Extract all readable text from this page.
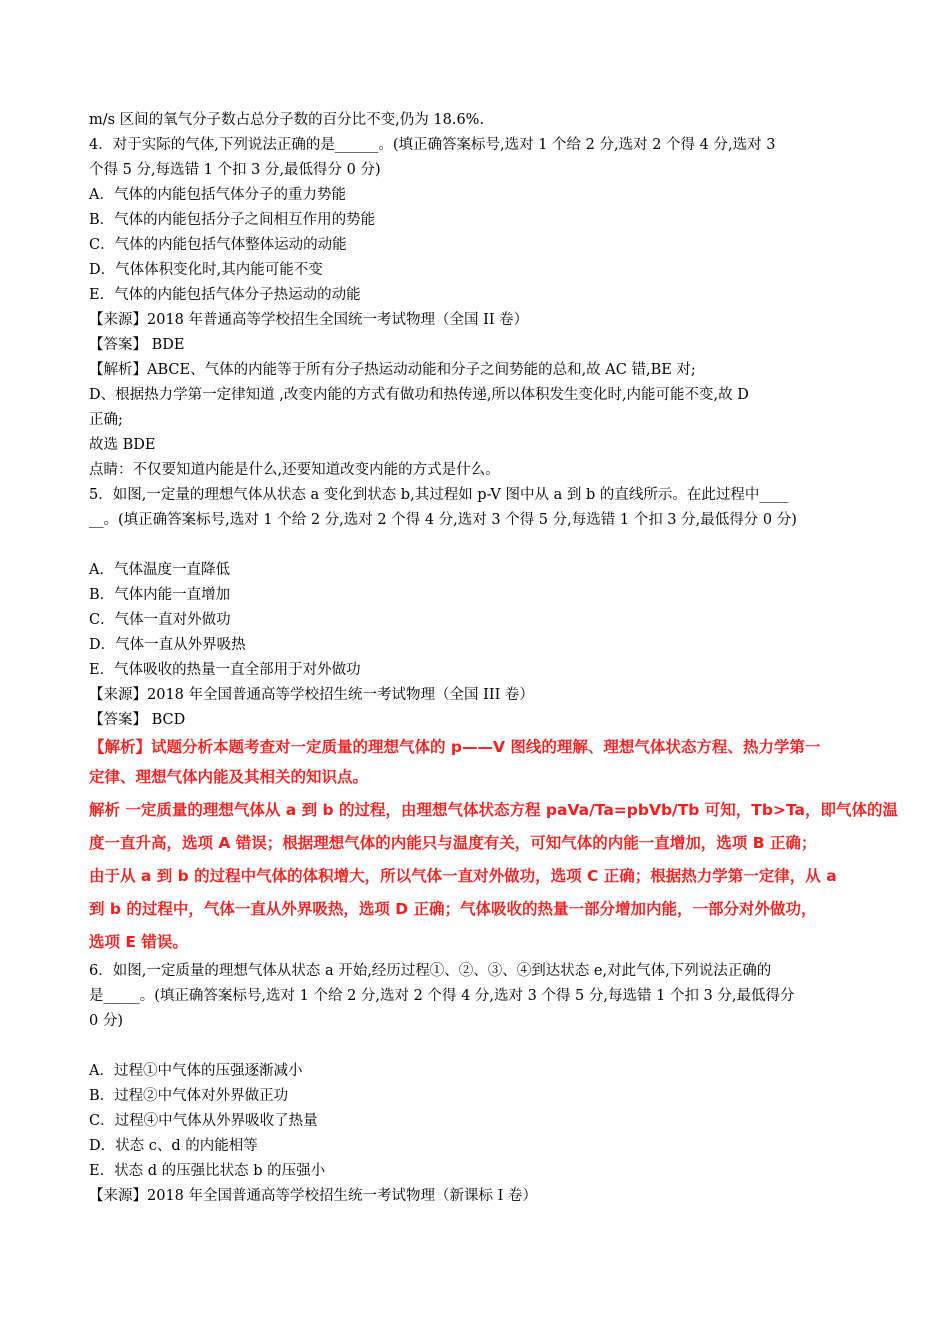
m/s 区间的氧气分子数占总分子数的百分比不变,仍为 18.6%.
4．对于实际的气体,下列说法正确的是______。(填正确答案标号,选对 1 个给 2 分,选对 2 个得 4 分,选对 3
个得 5 分,每选错 1 个扣 3 分,最低得分 0 分)
A．气体的内能包括气体分子的重力势能
B．气体的内能包括分子之间相互作用的势能
C．气体的内能包括气体整体运动的动能
D．气体体积变化时,其内能可能不变
E．气体的内能包括气体分子热运动的动能
【来源】2018 年普通高等学校招生全国统一考试物理（全国 II 卷）
【答案】 BDE
【解析】ABCE、气体的内能等于所有分子热运动动能和分子之间势能的总和,故 AC 错,BE 对;
D、根据热力学第一定律知道 ,改变内能的方式有做功和热传递,所以体积发生变化时,内能可能不变,故 D
正确;
故选 BDE
点睛：不仅要知道内能是什么,还要知道改变内能的方式是什么。
5．如图,一定量的理想气体从状态 a 变化到状态 b,其过程如 p-V 图中从 a 到 b 的直线所示。在此过程中____
__。(填正确答案标号,选对 1 个给 2 分,选对 2 个得 4 分,选对 3 个得 5 分,每选错 1 个扣 3 分,最低得分 0 分)
A．气体温度一直降低
B．气体内能一直增加
C．气体一直对外做功
D．气体一直从外界吸热
E．气体吸收的热量一直全部用于对外做功
【来源】2018 年全国普通高等学校招生统一考试物理（全国 III 卷）
【答案】 BCD
【解析】试题分析本题考查对一定质量的理想气体的 p——V 图线的理解、理想气体状态方程、热力学第一
定律、理想气体内能及其相关的知识点。
解析 一定质量的理想气体从 a 到 b 的过程，由理想气体状态方程 paVa/Ta=pbVb/Tb 可知，Tb>Ta，即气体的温
度一直升高，选项 A 错误；根据理想气体的内能只与温度有关，可知气体的内能一直增加，选项 B 正确；
由于从 a 到 b 的过程中气体的体积增大，所以气体一直对外做功，选项 C 正确；根据热力学第一定律，从 a
到 b 的过程中，气体一直从外界吸热，选项 D 正确；气体吸收的热量一部分增加内能，一部分对外做功，
选项 E 错误。
6．如图,一定质量的理想气体从状态 a 开始,经历过程①、②、③、④到达状态 e,对此气体,下列说法正确的
是_____。(填正确答案标号,选对 1 个给 2 分,选对 2 个得 4 分,选对 3 个得 5 分,每选错 1 个扣 3 分,最低得分
0 分)
A．过程①中气体的压强逐渐减小
B．过程②中气体对外界做正功
C．过程④中气体从外界吸收了热量
D．状态 c、d 的内能相等
E．状态 d 的压强比状态 b 的压强小
【来源】2018 年全国普通高等学校招生统一考试物理（新课标 I 卷）
